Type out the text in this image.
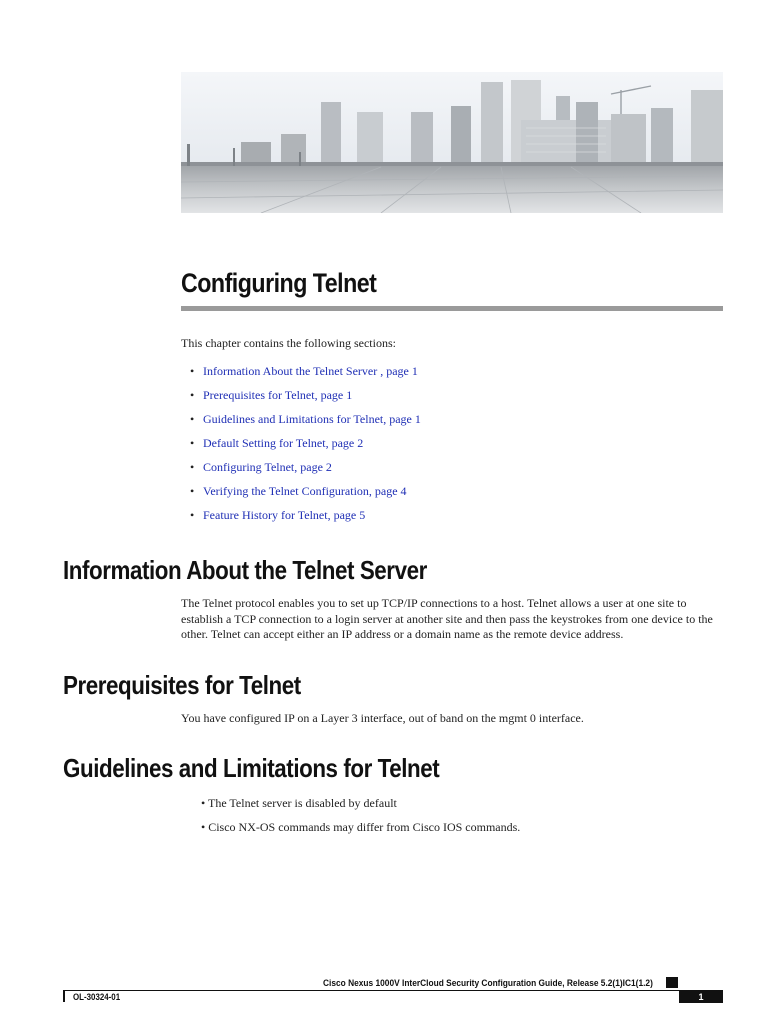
Configuring Telnet
This chapter contains the following sections:
• Information About the Telnet Server , page 1
• Prerequisites for Telnet, page 1
• Guidelines and Limitations for Telnet, page 1
• Default Setting for Telnet, page 2
• Configuring Telnet, page 2
• Verifying the Telnet Configuration, page 4
• Feature History for Telnet, page 5
Information About the Telnet Server
The Telnet protocol enables you to set up TCP/IP connections to a host. Telnet allows a user at one site to establish a TCP connection to a login server at another site and then pass the keystrokes from one device to the other. Telnet can accept either an IP address or a domain name as the remote device address.
Prerequisites for Telnet
You have configured IP on a Layer 3 interface, out of band on the mgmt 0 interface.
Guidelines and Limitations for Telnet
• The Telnet server is disabled by default
• Cisco NX-OS commands may differ from Cisco IOS commands.
Cisco Nexus 1000V InterCloud Security Configuration Guide, Release 5.2(1)IC1(1.2)
OL-30324-01	1
